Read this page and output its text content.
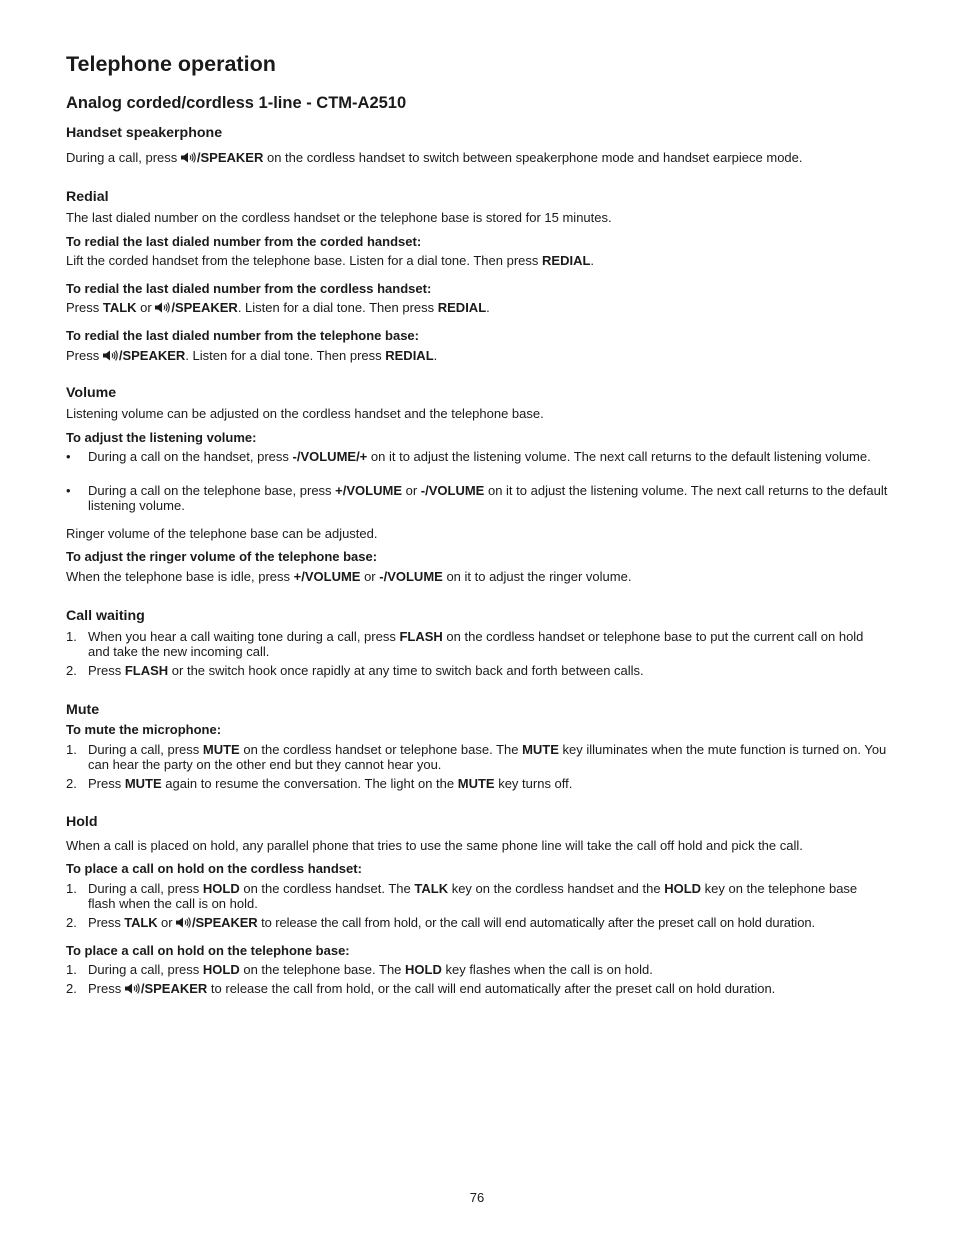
Telephone operation
Analog corded/cordless 1-line - CTM-A2510
Handset speakerphone

During a call, press /SPEAKER on the cordless handset to switch between speakerphone mode and handset earpiece mode.

Redial

The last dialed number on the cordless handset or the telephone base is stored for 15 minutes.

To redial the last dialed number from the corded handset:

Lift the corded handset from the telephone base. Listen for a dial tone. Then press REDIAL.

To redial the last dialed number from the cordless handset:

Press TALK or /SPEAKER. Listen for a dial tone. Then press REDIAL.

To redial the last dialed number from the telephone base:

Press /SPEAKER. Listen for a dial tone. Then press REDIAL.

Volume

Listening volume can be adjusted on the cordless handset and the telephone base.

To adjust the listening volume:

• During a call on the handset, press -/VOLUME/+ on it to adjust the listening volume. The next call returns to the default listening volume.
• During a call on the telephone base, press +/VOLUME or -/VOLUME on it to adjust the listening volume. The next call returns to the default listening volume.

Ringer volume of the telephone base can be adjusted.

To adjust the ringer volume of the telephone base:

When the telephone base is idle, press +/VOLUME or -/VOLUME on it to adjust the ringer volume.

Call waiting
1. When you hear a call waiting tone during a call, press FLASH on the cordless handset or telephone base to put the current call on hold and take the new incoming call.
2. Press FLASH or the switch hook once rapidly at any time to switch back and forth between calls.
Mute

To mute the microphone:

1. During a call, press MUTE on the cordless handset or telephone base. The MUTE key illuminates when the mute function is turned on. You can hear the party on the other end but they cannot hear you.
2. Press MUTE again to resume the conversation. The light on the MUTE key turns off.
Hold

When a call is placed on hold, any parallel phone that tries to use the same phone line will take the call off hold and pick the call.

To place a call on hold on the cordless handset:

1. During a call, press HOLD on the cordless handset. The TALK key on the cordless handset and the HOLD key on the telephone base flash when the call is on hold.
2. Press TALK or /SPEAKER to release the call from hold, or the call will end automatically after the preset call on hold duration.

To place a call on hold on the telephone base:

1. During a call, press HOLD on the telephone base. The HOLD key flashes when the call is on hold.
2. Press /SPEAKER to release the call from hold, or the call will end automatically after the preset call on hold duration.
76
